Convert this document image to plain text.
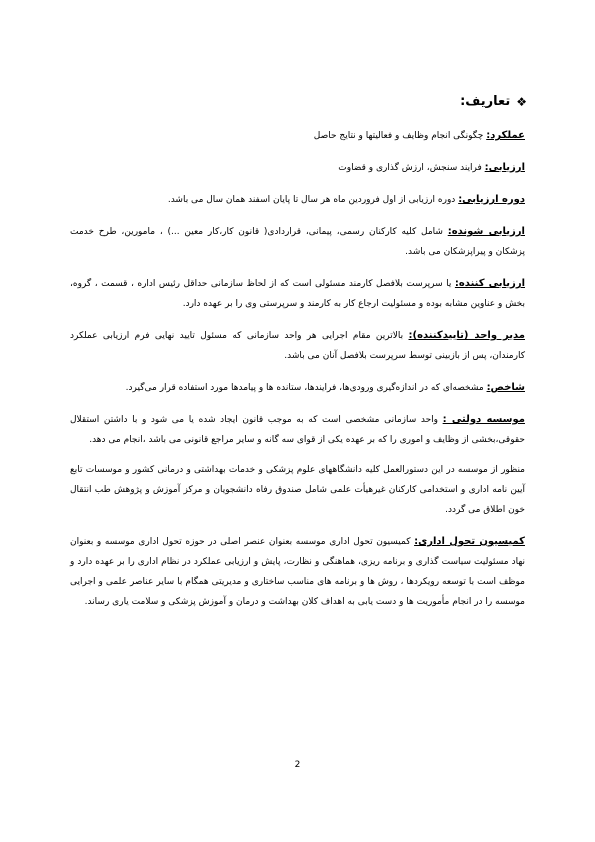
❖
تعاریف:

عملکرد: چگونگی انجام وظایف و فعالیتها و نتایج حاصل

ارزیابی: فرایند سنجش، ارزش گذاری و قضاوت

دوره ارزیابی: دوره ارزیابی از اول فروردین ماه هر سال تا پایان اسفند همان سال می باشد.

ارزیابی شونده: شامل کلیه کارکنان رسمی، پیمانی، قراردادی( قانون کار،کار معین ...) ، مامورین، طرح خدمت پزشکان و پیراپزشکان می باشد.

ارزیابی کننده: یا سرپرست بلافصل کارمند مسئولی است که از لحاظ سازمانی حداقل رئیس اداره ، قسمت ، گروه، بخش و عناوین مشابه بوده و مسئولیت ارجاع کار به کارمند و سرپرستی وی را بر عهده دارد.

مدیر واحد (تاییدکننده): بالاترین مقام اجرایی هر واحد سازمانی که مسئول تایید نهایی فرم ارزیابی عملکرد کارمندان، پس از بازبینی توسط سرپرست بلافصل آنان می باشد.

شاخص: مشخصه‌ای که در اندازه‌گیری ورودی‌ها، فرایندها، ستانده ها و پیامدها مورد استفاده قرار می‌گیرد.

موسسه دولتی : واحد سازمانی مشخصی است که به موجب قانون ایجاد شده یا می شود و با داشتن استقلال حقوقی،بخشی از وظایف و اموری را که بر عهده یکی از قوای سه گانه و سایر مراجع قانونی می باشد ،انجام می دهد.

منظور از موسسه در این دستورالعمل کلیه دانشگاههای علوم پزشکی و خدمات بهداشتی و درمانی کشور و موسسات تابع آیین نامه اداری و استخدامی کارکنان غیرهیأت علمی شامل صندوق رفاه دانشجویان و مرکز آموزش و پژوهش طب انتقال خون اطلاق می گردد.

کمیسیون تحول اداری: کمیسیون تحول اداری موسسه بعنوان عنصر اصلی در حوزه تحول اداری موسسه و بعنوان نهاد مسئولیت سیاست گذاری و برنامه ریزی، هماهنگی و نظارت، پایش و ارزیابی عملکرد در نظام اداری را بر عهده دارد و موظف است با توسعه رویکردها ، روش ها و برنامه های مناسب ساختاری و مدیریتی همگام با سایر عناصر علمی و اجرایی موسسه را در انجام مأموریت ها و دست یابی به اهداف کلان بهداشت و درمان و آموزش پزشکی و سلامت یاری رساند.

2
